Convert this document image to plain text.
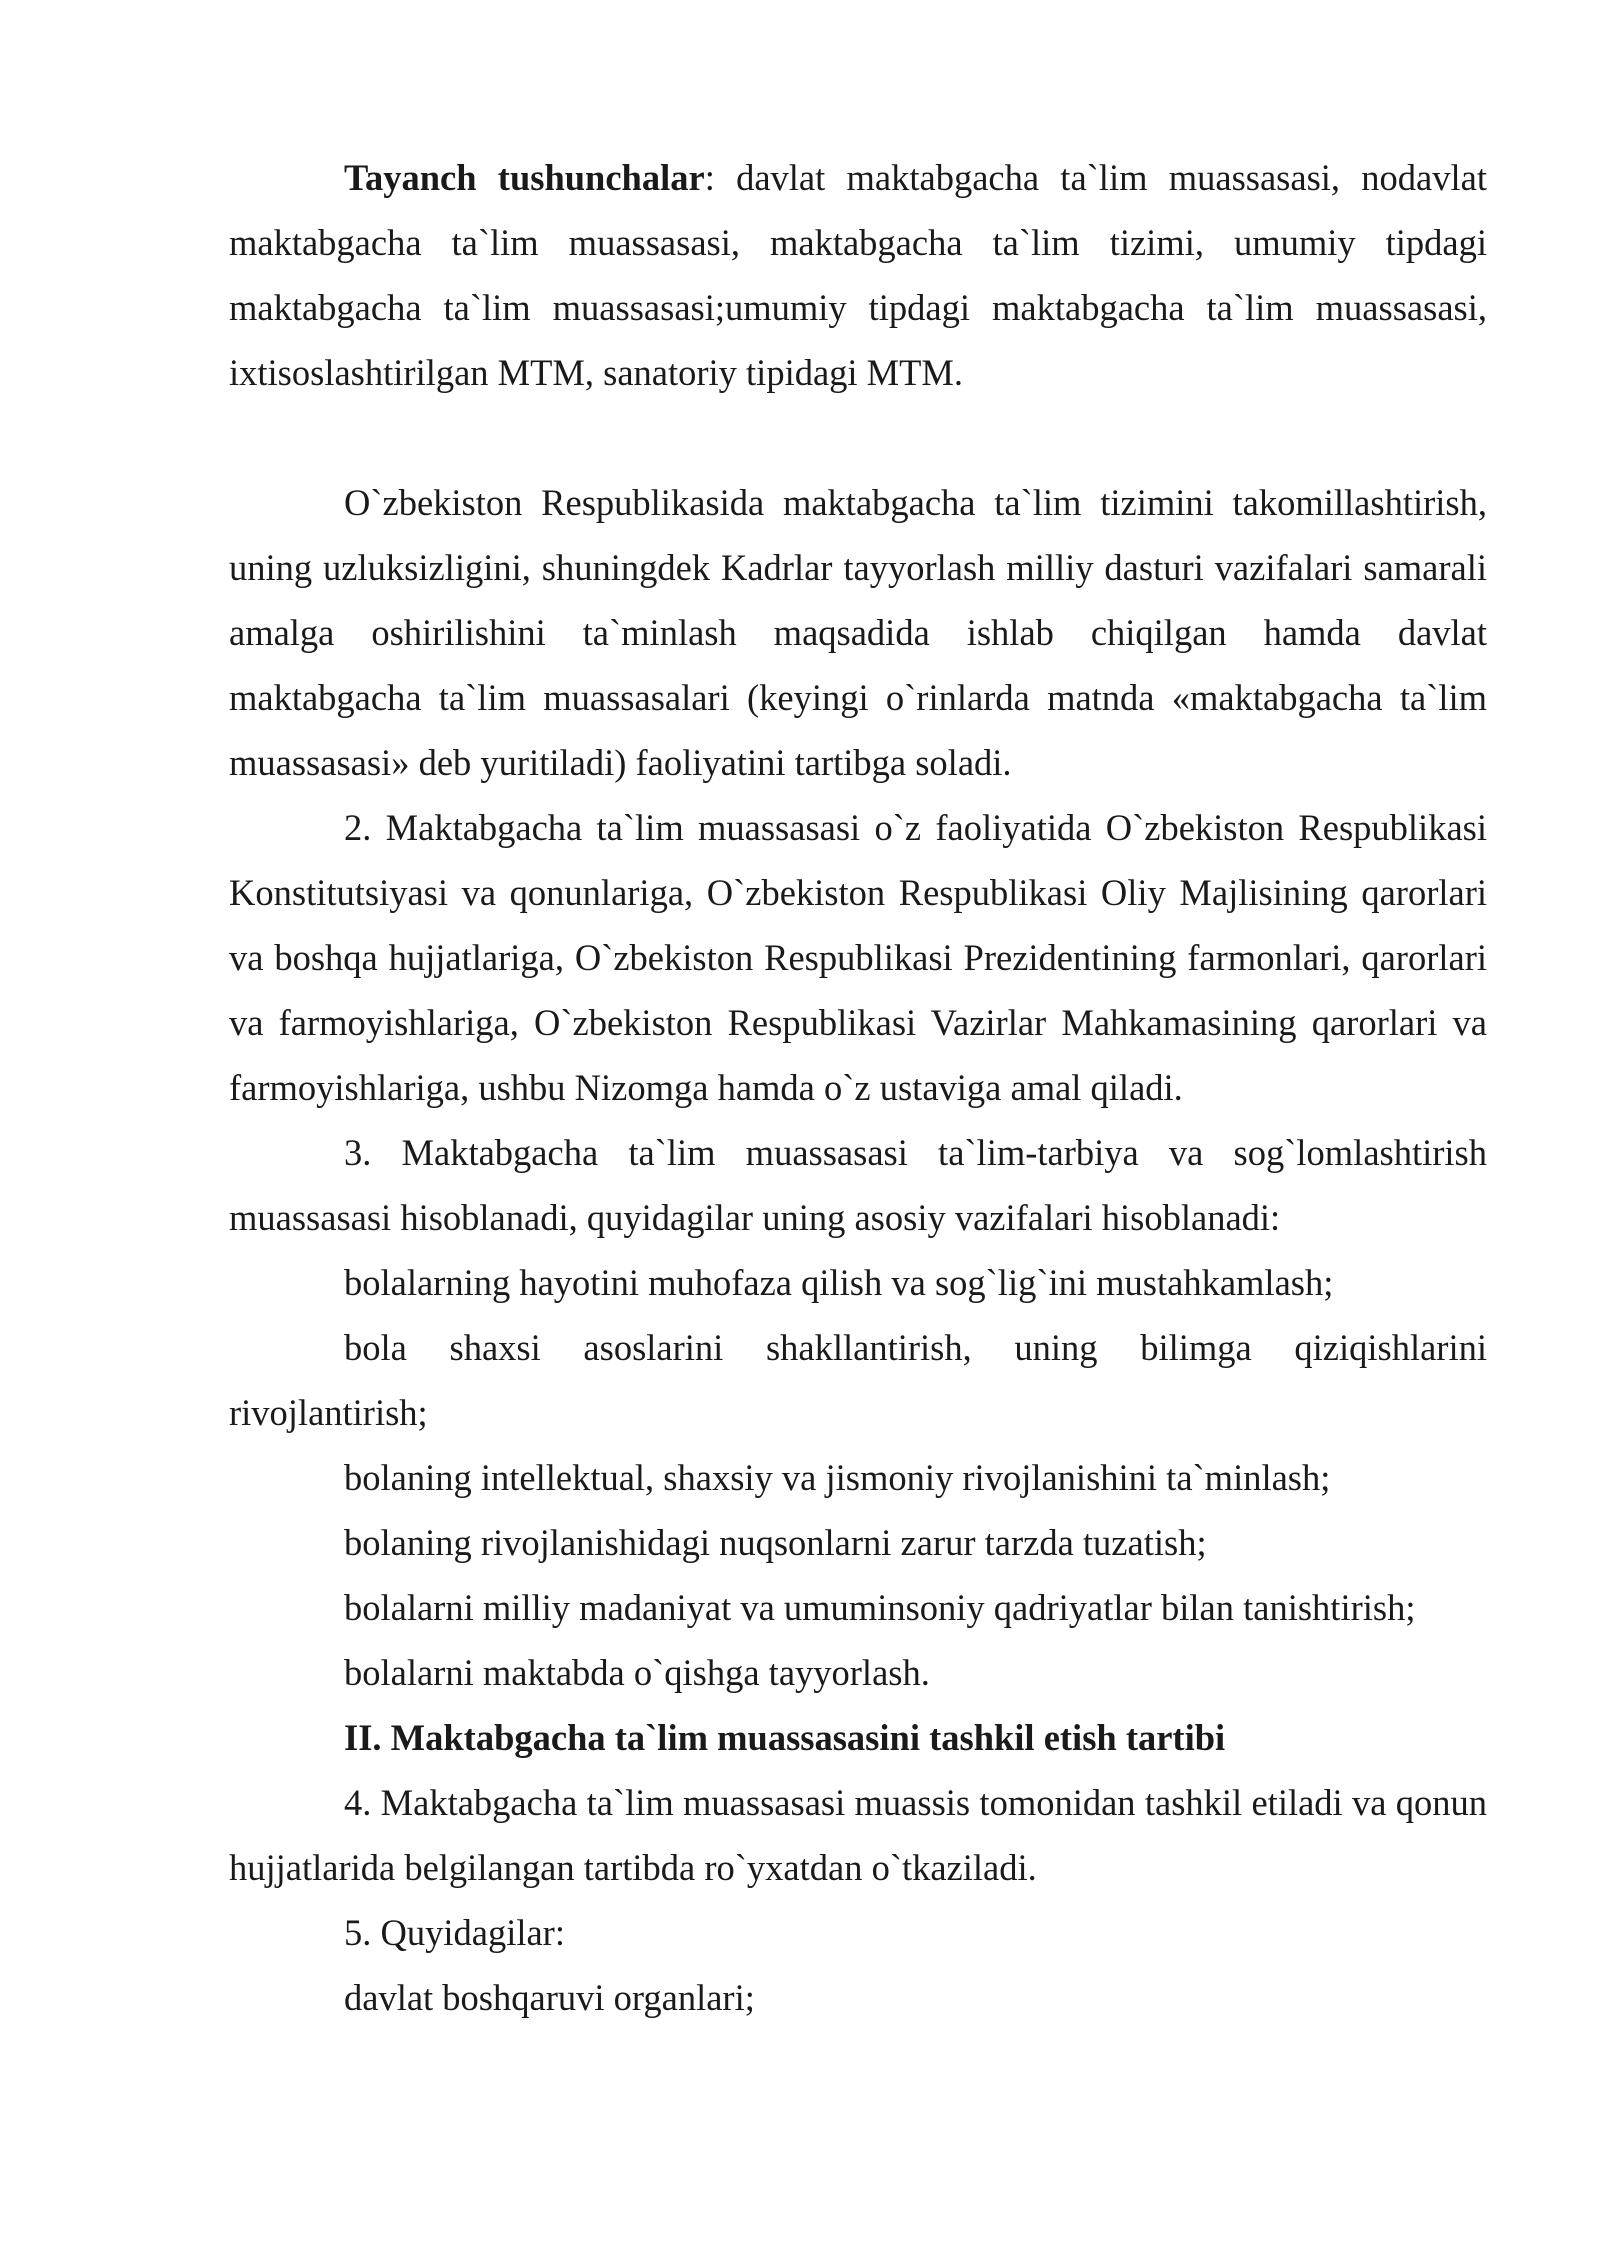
Tayanch tushunchalar: davlat maktabgacha ta`lim muassasasi, nodavlat maktabgacha ta`lim muassasasi, maktabgacha ta`lim tizimi, umumiy tipdagi maktabgacha ta`lim muassasasi;umumiy tipdagi maktabgacha ta`lim muassasasi, ixtisoslashtirilgan MTM, sanatoriy tipidagi MTM.

O`zbekiston Respublikasida maktabgacha ta`lim tizimini takomillashtirish, uning uzluksizligini, shuningdek Kadrlar tayyorlash milliy dasturi vazifalari samarali amalga oshirilishini ta`minlash maqsadida ishlab chiqilgan hamda davlat maktabgacha ta`lim muassasalari (keyingi o`rinlarda matnda «maktabgacha ta`lim muassasasi» deb yuritiladi) faoliyatini tartibga soladi.

2. Maktabgacha ta`lim muassasasi o`z faoliyatida O`zbekiston Respublikasi Konstitutsiyasi va qonunlariga, O`zbekiston Respublikasi Oliy Majlisining qarorlari va boshqa hujjatlariga, O`zbekiston Respublikasi Prezidentining farmonlari, qarorlari va farmoyishlariga, O`zbekiston Respublikasi Vazirlar Mahkamasining qarorlari va farmoyishlariga, ushbu Nizomga hamda o`z ustaviga amal qiladi.

3. Maktabgacha ta`lim muassasasi ta`lim-tarbiya va sog`lomlashtirish muassasasi hisoblanadi, quyidagilar uning asosiy vazifalari hisoblanadi:

bolalarning hayotini muhofaza qilish va sog`lig`ini mustahkamlash;

bola shaxsi asoslarini shakllantirish, uning bilimga qiziqishlarini rivojlantirish;

bolaning intellektual, shaxsiy va jismoniy rivojlanishini ta`minlash;

bolaning rivojlanishidagi nuqsonlarni zarur tarzda tuzatish;

bolalarni milliy madaniyat va umuminsoniy qadriyatlar bilan tanishtirish;

bolalarni maktabda o`qishga tayyorlash.

II. Maktabgacha ta`lim muassasasini tashkil etish tartibi

4. Maktabgacha ta`lim muassasasi muassis tomonidan tashkil etiladi va qonun hujjatlarida belgilangan tartibda ro`yxatdan o`tkaziladi.

5. Quyidagilar:

davlat boshqaruvi organlari;
